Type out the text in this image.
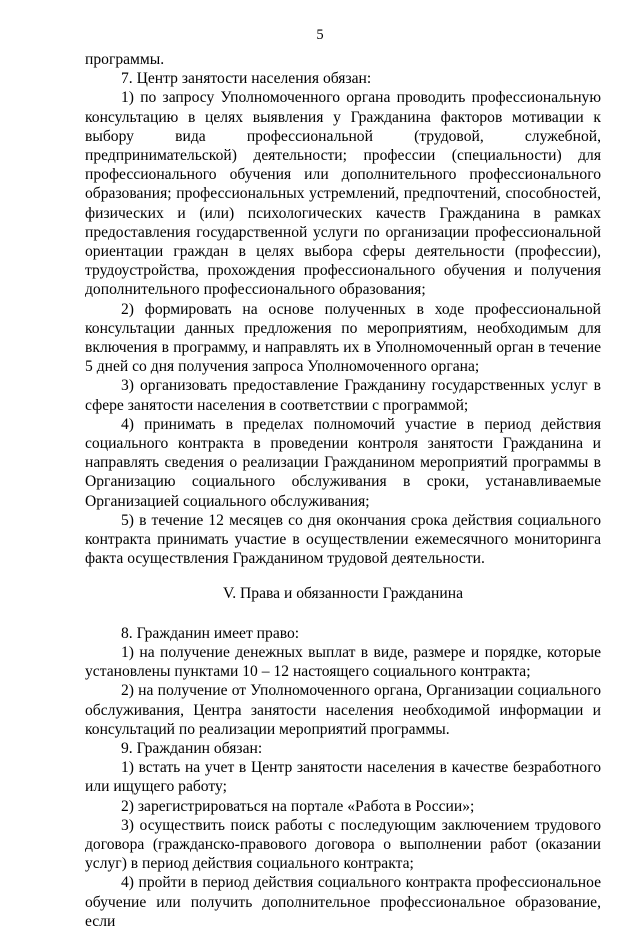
5

программы.

7. Центр занятости населения обязан:

1) по запросу Уполномоченного органа проводить профессиональную консультацию в целях выявления у Гражданина факторов мотивации к выбору вида профессиональной (трудовой, служебной, предпринимательской) деятельности; профессии (специальности) для профессионального обучения или дополнительного профессионального образования; профессиональных устремлений, предпочтений, способностей, физических и (или) психологических качеств Гражданина в рамках предоставления государственной услуги по организации профессиональной ориентации граждан в целях выбора сферы деятельности (профессии), трудоустройства, прохождения профессионального обучения и получения дополнительного профессионального образования;

2) формировать на основе полученных в ходе профессиональной консультации данных предложения по мероприятиям, необходимым для включения в программу, и направлять их в Уполномоченный орган в течение 5 дней со дня получения запроса Уполномоченного органа;

3) организовать предоставление Гражданину государственных услуг в сфере занятости населения в соответствии с программой;

4) принимать в пределах полномочий участие в период действия социального контракта в проведении контроля занятости Гражданина и направлять сведения о реализации Гражданином мероприятий программы в Организацию социального обслуживания в сроки, устанавливаемые Организацией социального обслуживания;

5) в течение 12 месяцев со дня окончания срока действия социального контракта принимать участие в осуществлении ежемесячного мониторинга факта осуществления Гражданином трудовой деятельности.

V. Права и обязанности Гражданина

8. Гражданин имеет право:

1) на получение денежных выплат в виде, размере и порядке, которые установлены пунктами 10 – 12 настоящего социального контракта;

2) на получение от Уполномоченного органа, Организации социального обслуживания, Центра занятости населения необходимой информации и консультаций по реализации мероприятий программы.

9. Гражданин обязан:

1) встать на учет в Центр занятости населения в качестве безработного или ищущего работу;

2) зарегистрироваться на портале «Работа в России»;

3) осуществить поиск работы с последующим заключением трудового договора (гражданско-правового договора о выполнении работ (оказании услуг) в период действия социального контракта;

4) пройти в период действия социального контракта профессиональное обучение или получить дополнительное профессиональное образование, если
